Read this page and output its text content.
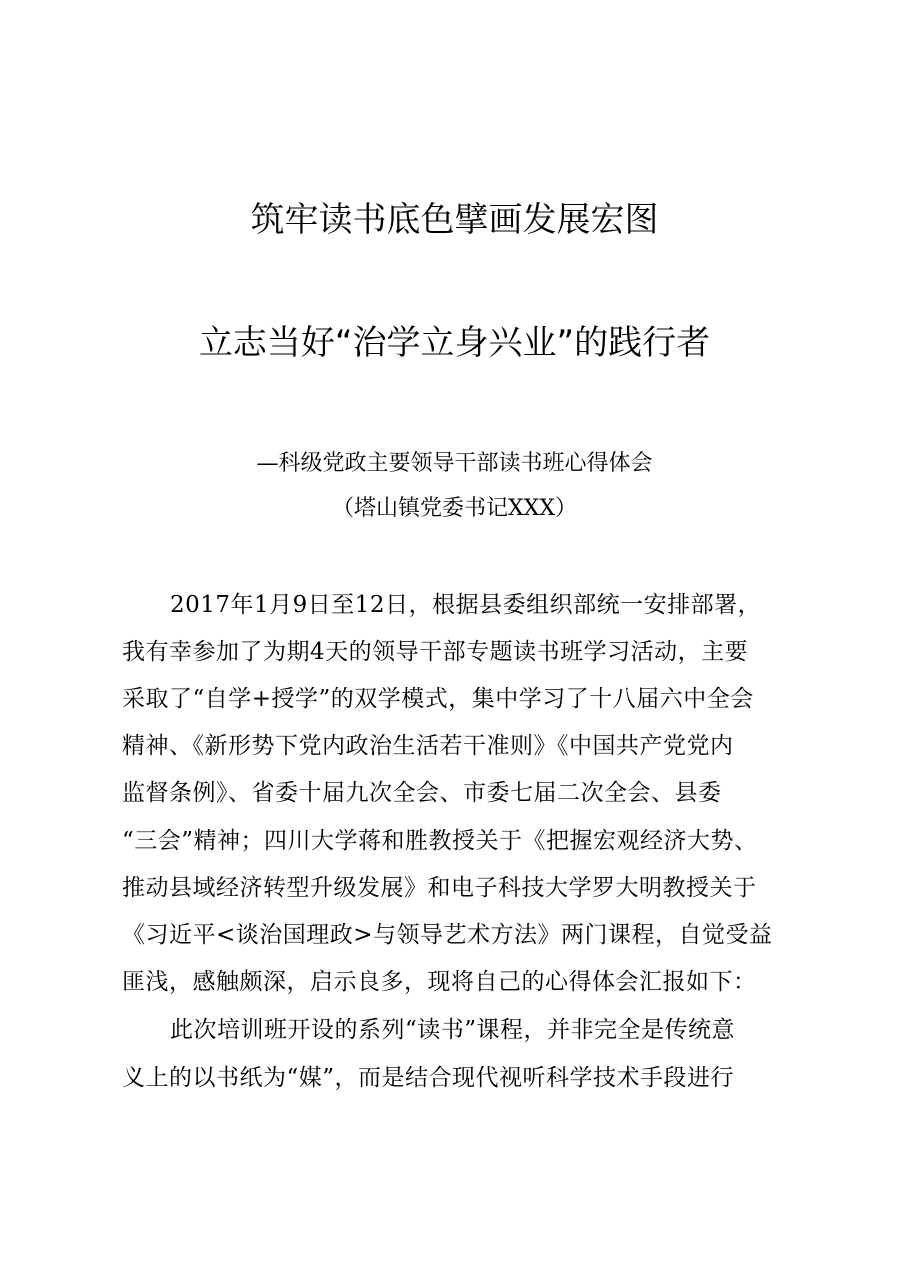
筑牢读书底色擘画发展宏图
立志当好“治学立身兴业”的践行者
—科级党政主要领导干部读书班心得体会
（塔山镇党委书记XXX）
2017年1月9日至12日，根据县委组织部统一安排部署，
我有幸参加了为期4天的领导干部专题读书班学习活动，主要
采取了“自学+授学”的双学模式，集中学习了十八届六中全会
精神、《新形势下党内政治生活若干准则》《中国共产党党内
监督条例》、省委十届九次全会、市委七届二次全会、县委
“三会”精神；四川大学蒋和胜教授关于《把握宏观经济大势、
推动县域经济转型升级发展》和电子科技大学罗大明教授关于
《习近平<谈治国理政>与领导艺术方法》两门课程，自觉受益
匪浅，感触颇深，启示良多，现将自己的心得体会汇报如下：
此次培训班开设的系列“读书”课程，并非完全是传统意
义上的以书纸为“媒”，而是结合现代视听科学技术手段进行
